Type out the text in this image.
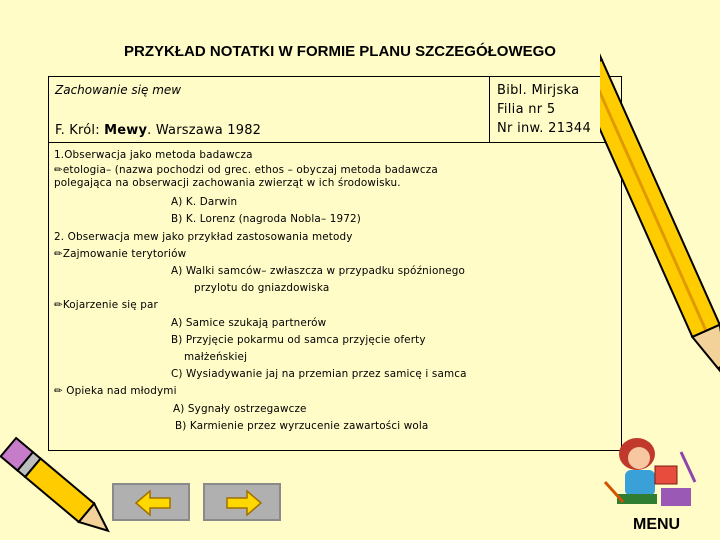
PRZYKŁAD NOTATKI W FORMIE PLANU SZCZEGÓŁOWEGO
Zachowanie się mew
F. Król: Mewy. Warszawa 1982
Bibl. Mirjska
Filia nr 5
Nr inw. 21344
1.Obserwacja jako metoda badawcza
✏etologia– (nazwa pochodzi od grec. ethos – obyczaj metoda badawcza
polegająca na obserwacji zachowania zwierząt w ich środowisku.
A) K. Darwin
B) K. Lorenz (nagroda Nobla– 1972)
2. Obserwacja mew jako przykład zastosowania metody
✏Zajmowanie terytoriów
A) Walki samców– zwłaszcza w przypadku spóźnionego
przylotu do gniazdowiska
✏Kojarzenie się par
A) Samice szukają partnerów
B) Przyjęcie pokarmu od samca przyjęcie oferty
małżeńskiej
C) Wysiadywanie jaj na przemian przez samicę i samca
✏ Opieka nad młodymi
A) Sygnały ostrzegawcze
B) Karmienie przez wyrzucenie zawartości wola
MENU
